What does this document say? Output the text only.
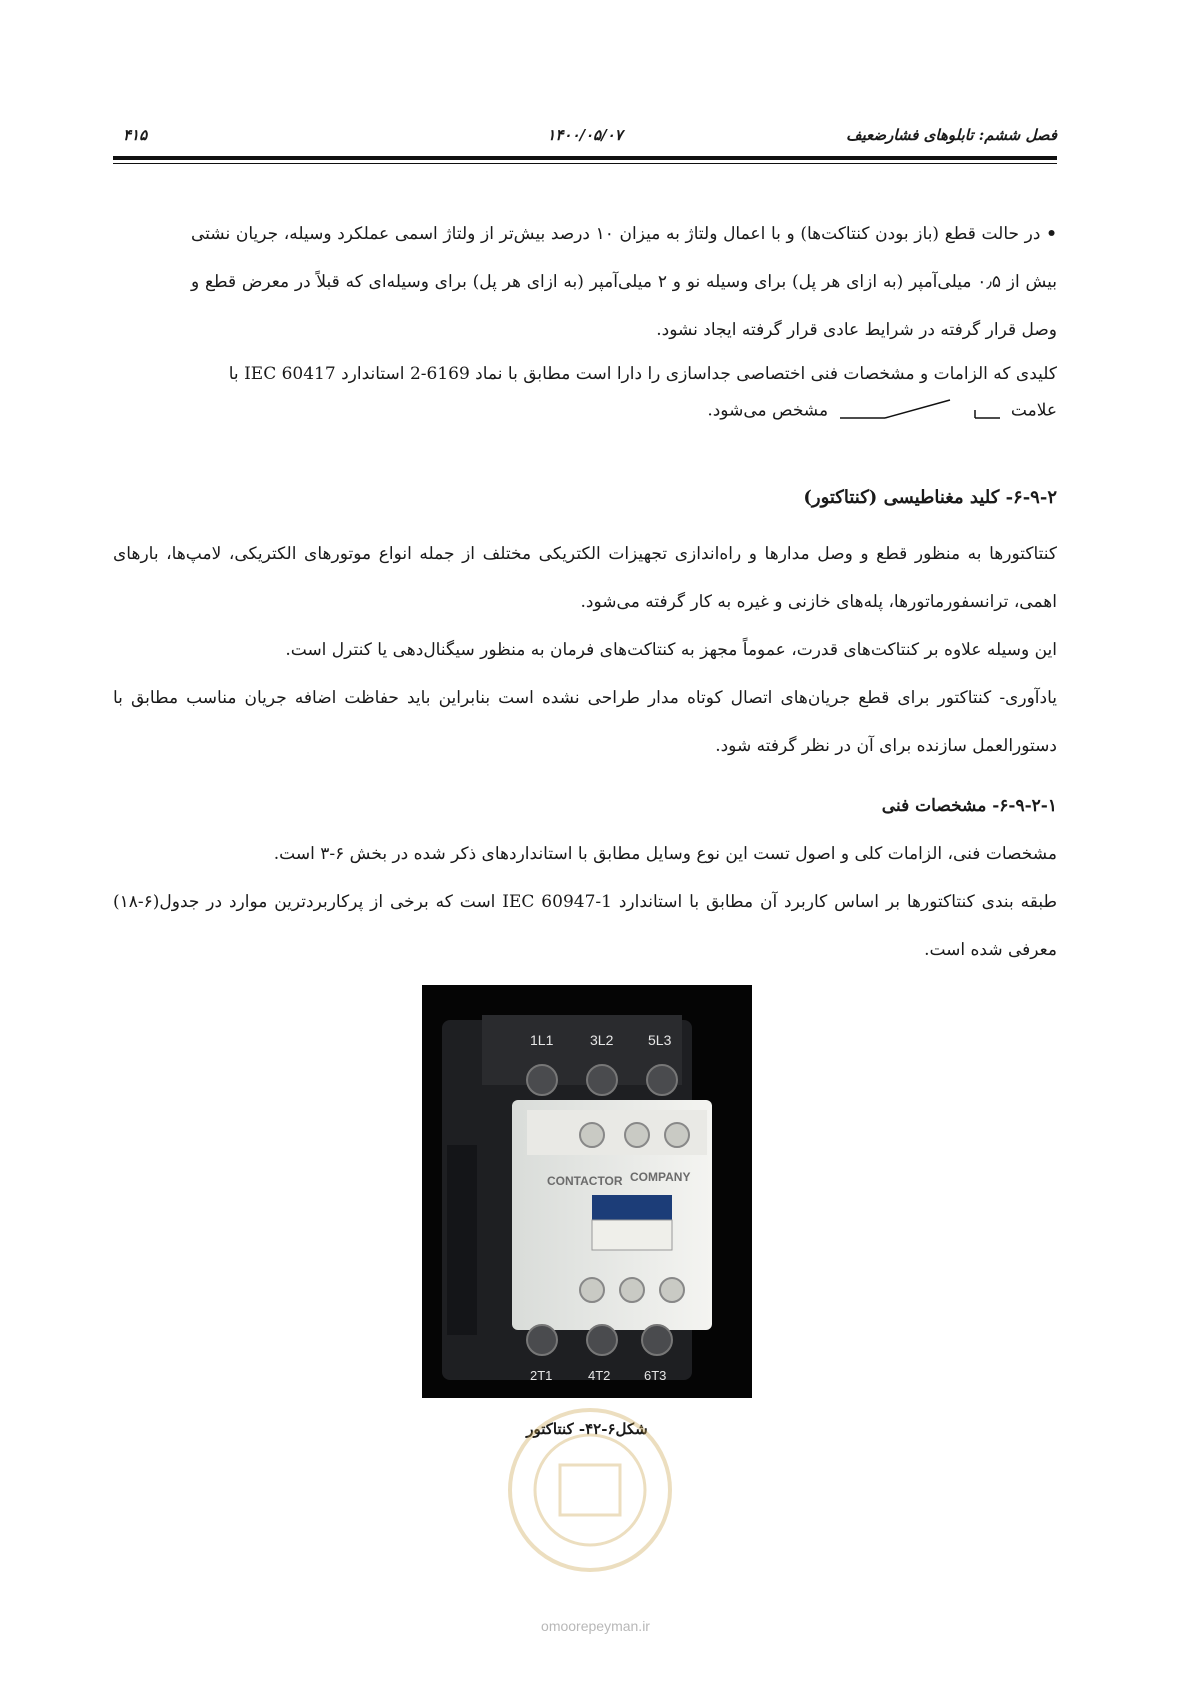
فصل ششم: تابلوهای فشارضعیف
۱۴۰۰/۰۵/۰۷
۴۱۵
• در حالت قطع (باز بودن کنتاکت‌ها) و با اعمال ولتاژ به میزان ۱۰ درصد بیش‌تر از ولتاژ اسمی عملکرد وسیله، جریان نشتی بیش از ۰٫۵ میلی‌آمپر (به ازای هر پل) برای وسیله نو و ۲ میلی‌آمپر (به ازای هر پل) برای وسیله‌ای که قبلاً در معرض قطع و وصل قرار گرفته در شرایط عادی قرار گرفته ایجاد نشود.

کلیدی که الزامات و مشخصات فنی اختصاصی جداسازی را دارا است مطابق با نماد 6169-2 استاندارد IEC 60417 با

علامت  مشخص می‌شود.
۶-۹-۲- کلید مغناطیسی (کنتاکتور)

کنتاکتورها به منظور قطع و وصل مدارها و راه‌اندازی تجهیزات الکتریکی مختلف از جمله انواع موتورهای الکتریکی، لامپ‌ها، بارهای اهمی، ترانسفورماتورها، پله‌های خازنی و غیره به کار گرفته می‌شود.

این وسیله علاوه بر کنتاکت‌های قدرت، عموماً مجهز به کنتاکت‌های فرمان به منظور سیگنال‌دهی یا کنترل است.

یادآوری- کنتاکتور برای قطع جریان‌های اتصال کوتاه مدار طراحی نشده است بنابراین باید حفاظت اضافه جریان مناسب مطابق با دستورالعمل سازنده برای آن در نظر گرفته شود.

۶-۹-۲-۱- مشخصات فنی

مشخصات فنی، الزامات کلی و اصول تست این نوع وسایل مطابق با استانداردهای ذکر شده در بخش ۶-۳ است.

طبقه بندی کنتاکتورها بر اساس کاربرد آن مطابق با استاندارد IEC 60947-1 است که برخی از پرکاربردترین موارد در جدول(۶-۱۸) معرفی شده است.

1L1	3L2 5L3
COMPANY
CONTACTOR
2T1	4T2	6T3
شکل۶-۴۲- کنتاکتور
omoorepeyman.ir
